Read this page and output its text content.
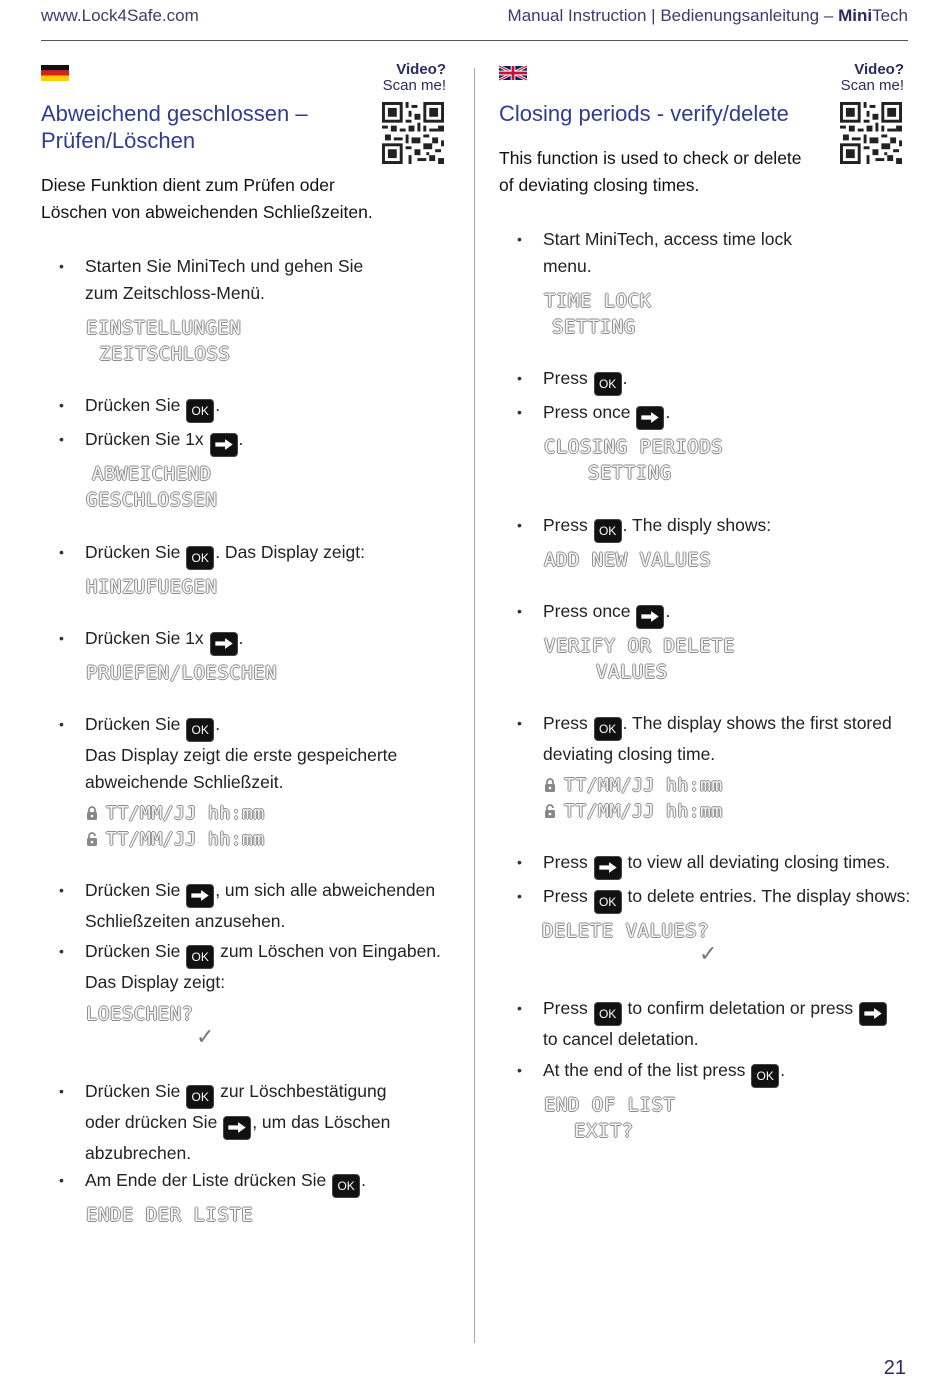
www.Lock4Safe.com	Manual Instruction | Bedienungsanleitung – MiniTech
Video?
Scan me!
Abweichend geschlossen – Prüfen/Löschen
Diese Funktion dient zum Prüfen oder Löschen von abweichenden Schließzeiten.
• Starten Sie MiniTech und gehen Sie zum Zeitschloss-Menü.
EINSTELLUNGEN
ZEITSCHLOSS
• Drücken Sie OK .
• Drücken Sie 1x .
ABWEICHEND
GESCHLOSSEN
• Drücken Sie OK . Das Display zeigt:
HINZUFUEGEN
• Drücken Sie 1x .
PRUEFEN/LOESCHEN
• Drücken Sie OK .
Das Display zeigt die erste gespeicherte abweichende Schließzeit.
TT/MM/JJ hh:mm
TT/MM/JJ hh:mm
• Drücken Sie , um sich alle abweichenden Schließzeiten anzusehen.
• Drücken Sie OK zum Löschen von Eingaben. Das Display zeigt:
LOESCHEN?
✓
• Drücken Sie OK zur Löschbestätigung oder drücken Sie , um das Löschen abzubrechen.
• Am Ende der Liste drücken Sie OK .
ENDE DER LISTE
Video?
Scan me!
Closing periods - verify/delete
This function is used to check or delete of deviating closing times.
• Start MiniTech, access time lock menu.
TIME LOCK
SETTING
• Press OK .
• Press once .
CLOSING PERIODS
SETTING
• Press OK . The disply shows:
ADD NEW VALUES
• Press once .
VERIFY OR DELETE
VALUES
• Press OK . The display shows the first stored deviating closing time.
TT/MM/JJ hh:mm
TT/MM/JJ hh:mm
• Press to view all deviating closing times.
• Press OK to delete entries. The display shows:
DELETE VALUES?
✓
• Press OK to confirm deletation or press
to cancel deletation.
• At the end of the list press OK .
END OF LIST
EXIT?
21
